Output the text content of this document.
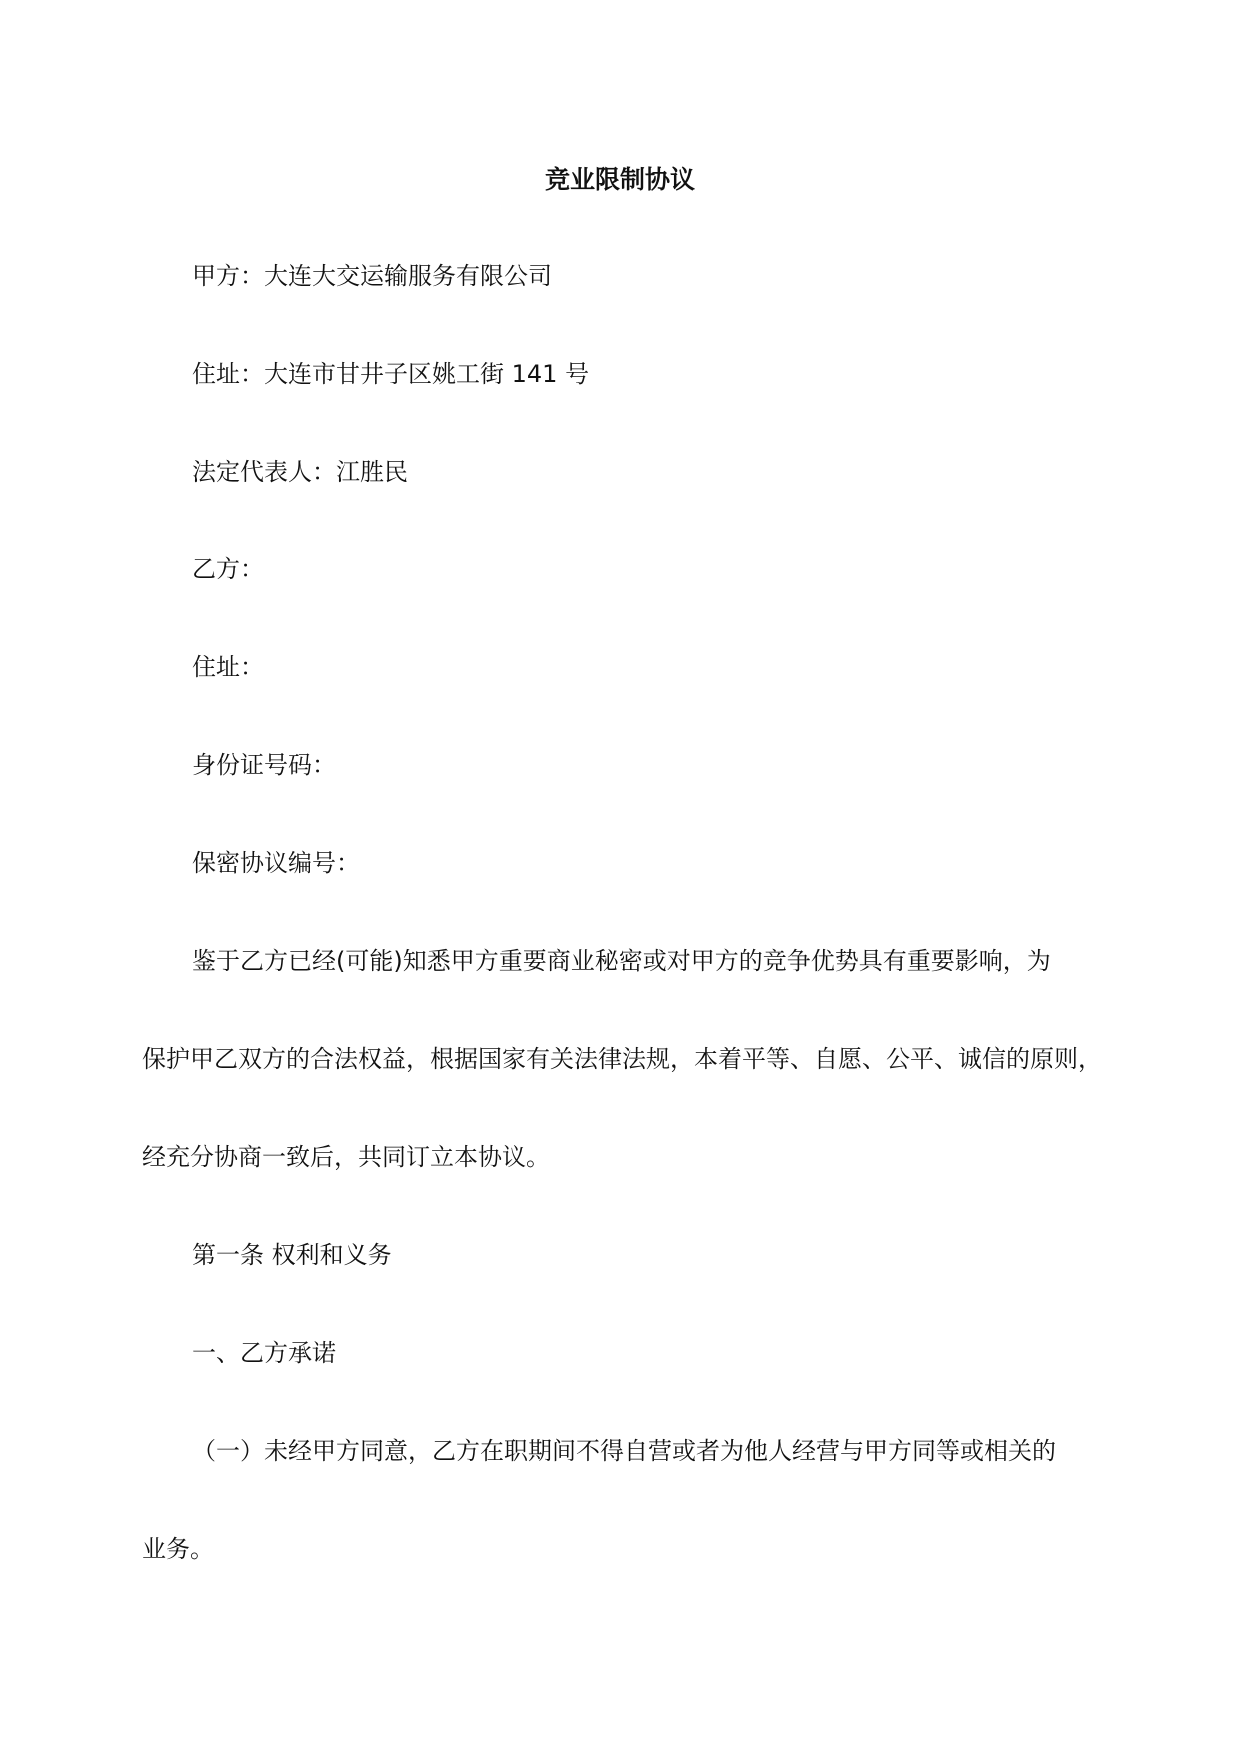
竞业限制协议
甲方：大连大交运输服务有限公司
住址：大连市甘井子区姚工街 141 号
法定代表人：江胜民
乙方：
住址：
身份证号码：
保密协议编号：
鉴于乙方已经(可能)知悉甲方重要商业秘密或对甲方的竞争优势具有重要影响，为
保护甲乙双方的合法权益，根据国家有关法律法规，本着平等、自愿、公平、诚信的原则，
经充分协商一致后，共同订立本协议。
第一条 权利和义务
一、乙方承诺
（一）未经甲方同意，乙方在职期间不得自营或者为他人经营与甲方同等或相关的
业务。
